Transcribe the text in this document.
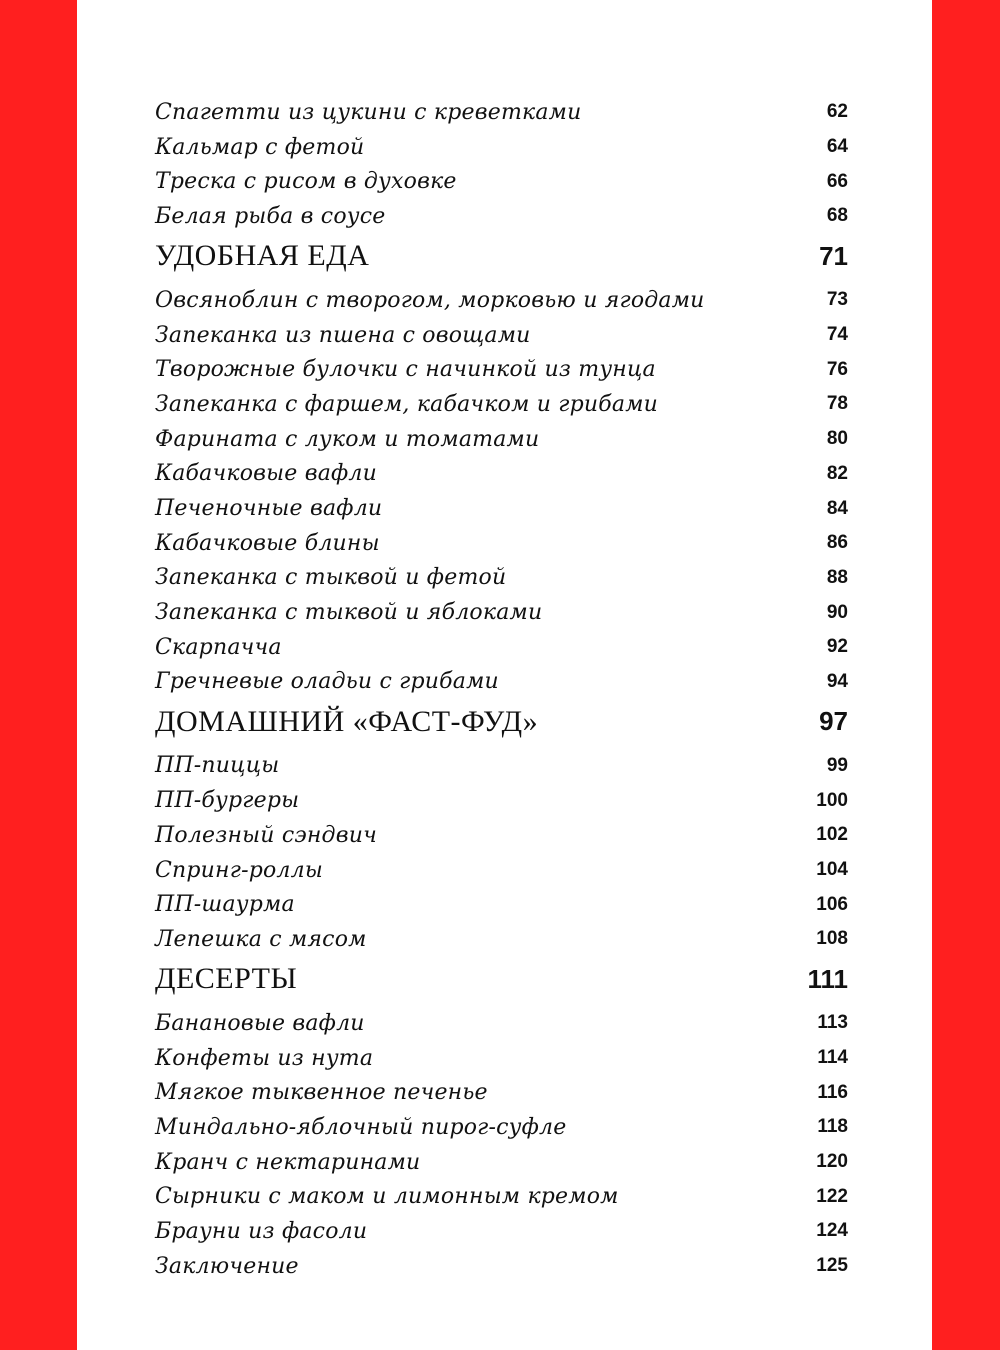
Спагетти из цукини с креветками	62
Кальмар с фетой	64
Треска с рисом в духовке	66
Белая рыба в соусе	68
УДОБНАЯ ЕДА	71
Овсяноблин с творогом, морковью и ягодами	73
Запеканка из пшена с овощами	74
Творожные булочки с начинкой из тунца	76
Запеканка с фаршем, кабачком и грибами	78
Фарината с луком и томатами	80
Кабачковые вафли	82
Печеночные вафли	84
Кабачковые блины	86
Запеканка с тыквой и фетой	88
Запеканка с тыквой и яблоками	90
Скарпачча	92
Гречневые оладьи с грибами	94
ДОМАШНИЙ «ФАСТ-ФУД»	97
ПП-пиццы	99
ПП-бургеры	100
Полезный сэндвич	102
Спринг-роллы	104
ПП-шаурма	106
Лепешка с мясом	108
ДЕСЕРТЫ	111
Банановые вафли	113
Конфеты из нута	114
Мягкое тыквенное печенье	116
Миндально-яблочный пирог-суфле	118
Кранч с нектаринами	120
Сырники с маком и лимонным кремом	122
Брауни из фасоли	124
Заключение	125
